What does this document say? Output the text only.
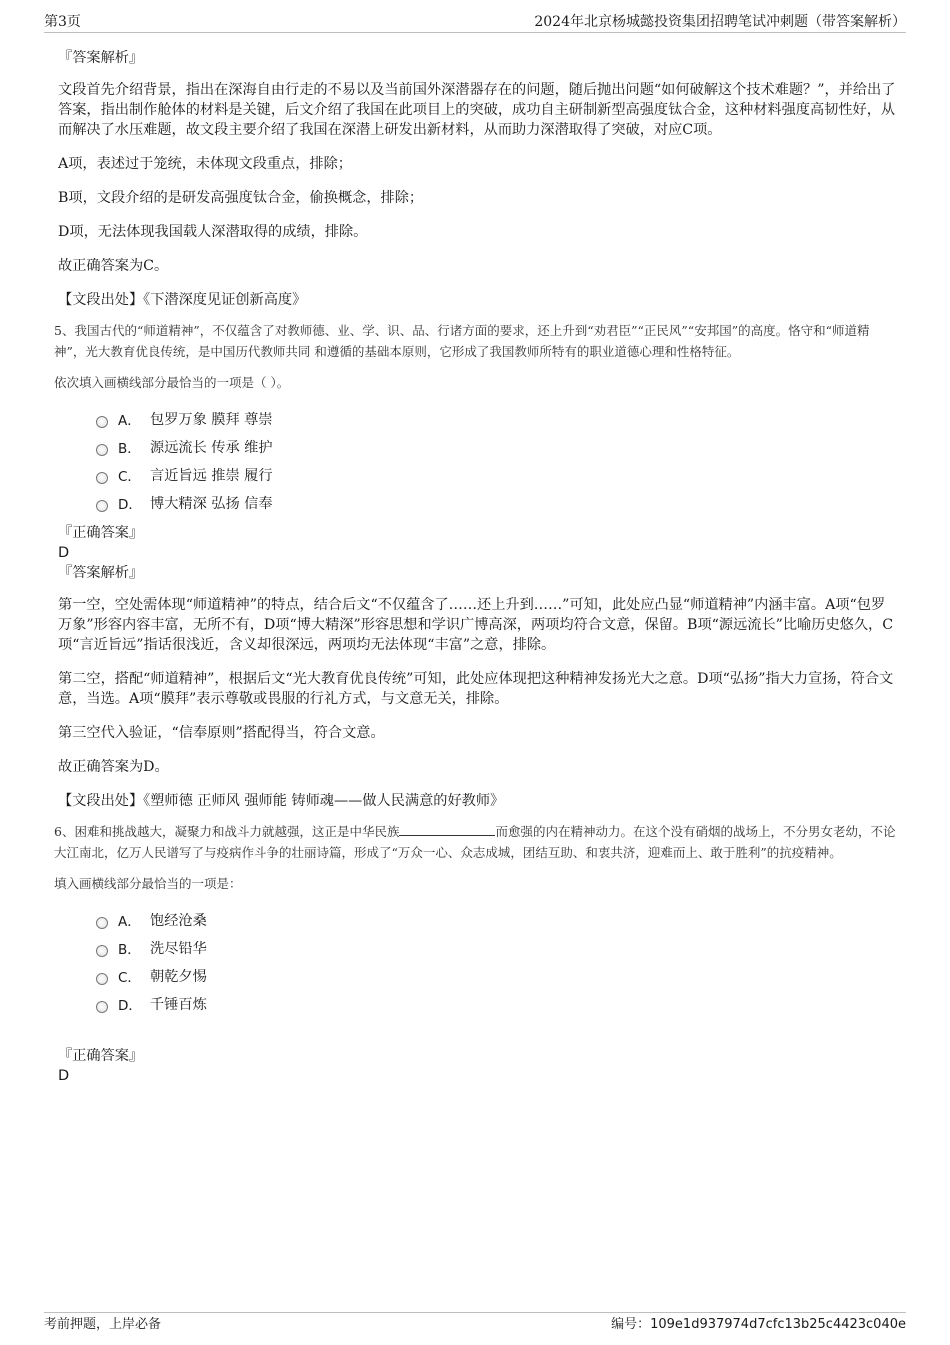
第3页	2024年北京杨城懿投资集团招聘笔试冲刺题（带答案解析）

『答案解析』

文段首先介绍背景，指出在深海自由行走的不易以及当前国外深潜器存在的问题，随后抛出问题“如何破解这个技术难题？”，并给出了答案，指出制作舱体的材料是关键，后文介绍了我国在此项目上的突破，成功自主研制新型高强度钛合金，这种材料强度高韧性好，从而解决了水压难题，故文段主要介绍了我国在深潜上研发出新材料，从而助力深潜取得了突破，对应C项。

A项，表述过于笼统，未体现文段重点，排除；

B项，文段介绍的是研发高强度钛合金，偷换概念，排除；

D项，无法体现我国载人深潜取得的成绩，排除。

故正确答案为C。

【文段出处】《下潜深度见证创新高度》

5、我国古代的“师道精神”，不仅蕴含了对教师德、业、学、识、品、行诸方面的要求，还上升到“劝君臣”“正民风”“安邦国”的高度。恪守和“师道精神”，光大教育优良传统，是中国历代教师共同 和遵循的基础本原则，它形成了我国教师所特有的职业道德心理和性格特征。

依次填入画横线部分最恰当的一项是（ ）。

A． 包罗万象 膜拜 尊崇
B． 源远流长 传承 维护
C． 言近旨远 推崇 履行
D． 博大精深 弘扬 信奉

『正确答案』

D

『答案解析』

第一空，空处需体现“师道精神”的特点，结合后文“不仅蕴含了……还上升到……”可知，此处应凸显“师道精神”内涵丰富。A项“包罗万象”形容内容丰富，无所不有，D项“博大精深”形容思想和学识广博高深，两项均符合文意，保留。B项“源远流长”比喻历史悠久，C项“言近旨远”指话很浅近，含义却很深远，两项均无法体现“丰富”之意，排除。

第二空，搭配“师道精神”，根据后文“光大教育优良传统”可知，此处应体现把这种精神发扬光大之意。D项“弘扬”指大力宣扬，符合文意，当选。A项“膜拜”表示尊敬或畏服的行礼方式，与文意无关，排除。

第三空代入验证，“信奉原则”搭配得当，符合文意。

故正确答案为D。

【文段出处】《塑师德 正师风 强师能 铸师魂——做人民满意的好教师》

6、困难和挑战越大，凝聚力和战斗力就越强，这正是中华民族	而愈强的内在精神动力。在这个没有硝烟的战场上，不分男女老幼，不论大江南北，亿万人民谱写了与疫病作斗争的壮丽诗篇，形成了“万众一心、众志成城，团结互助、和衷共济，迎难而上、敢于胜利”的抗疫精神。

填入画横线部分最恰当的一项是：

A． 饱经沧桑
B． 洗尽铅华
C． 朝乾夕惕
D． 千锤百炼

『正确答案』

D

考前押题，上岸必备	编号：109e1d937974d7cfc13b25c4423c040e
